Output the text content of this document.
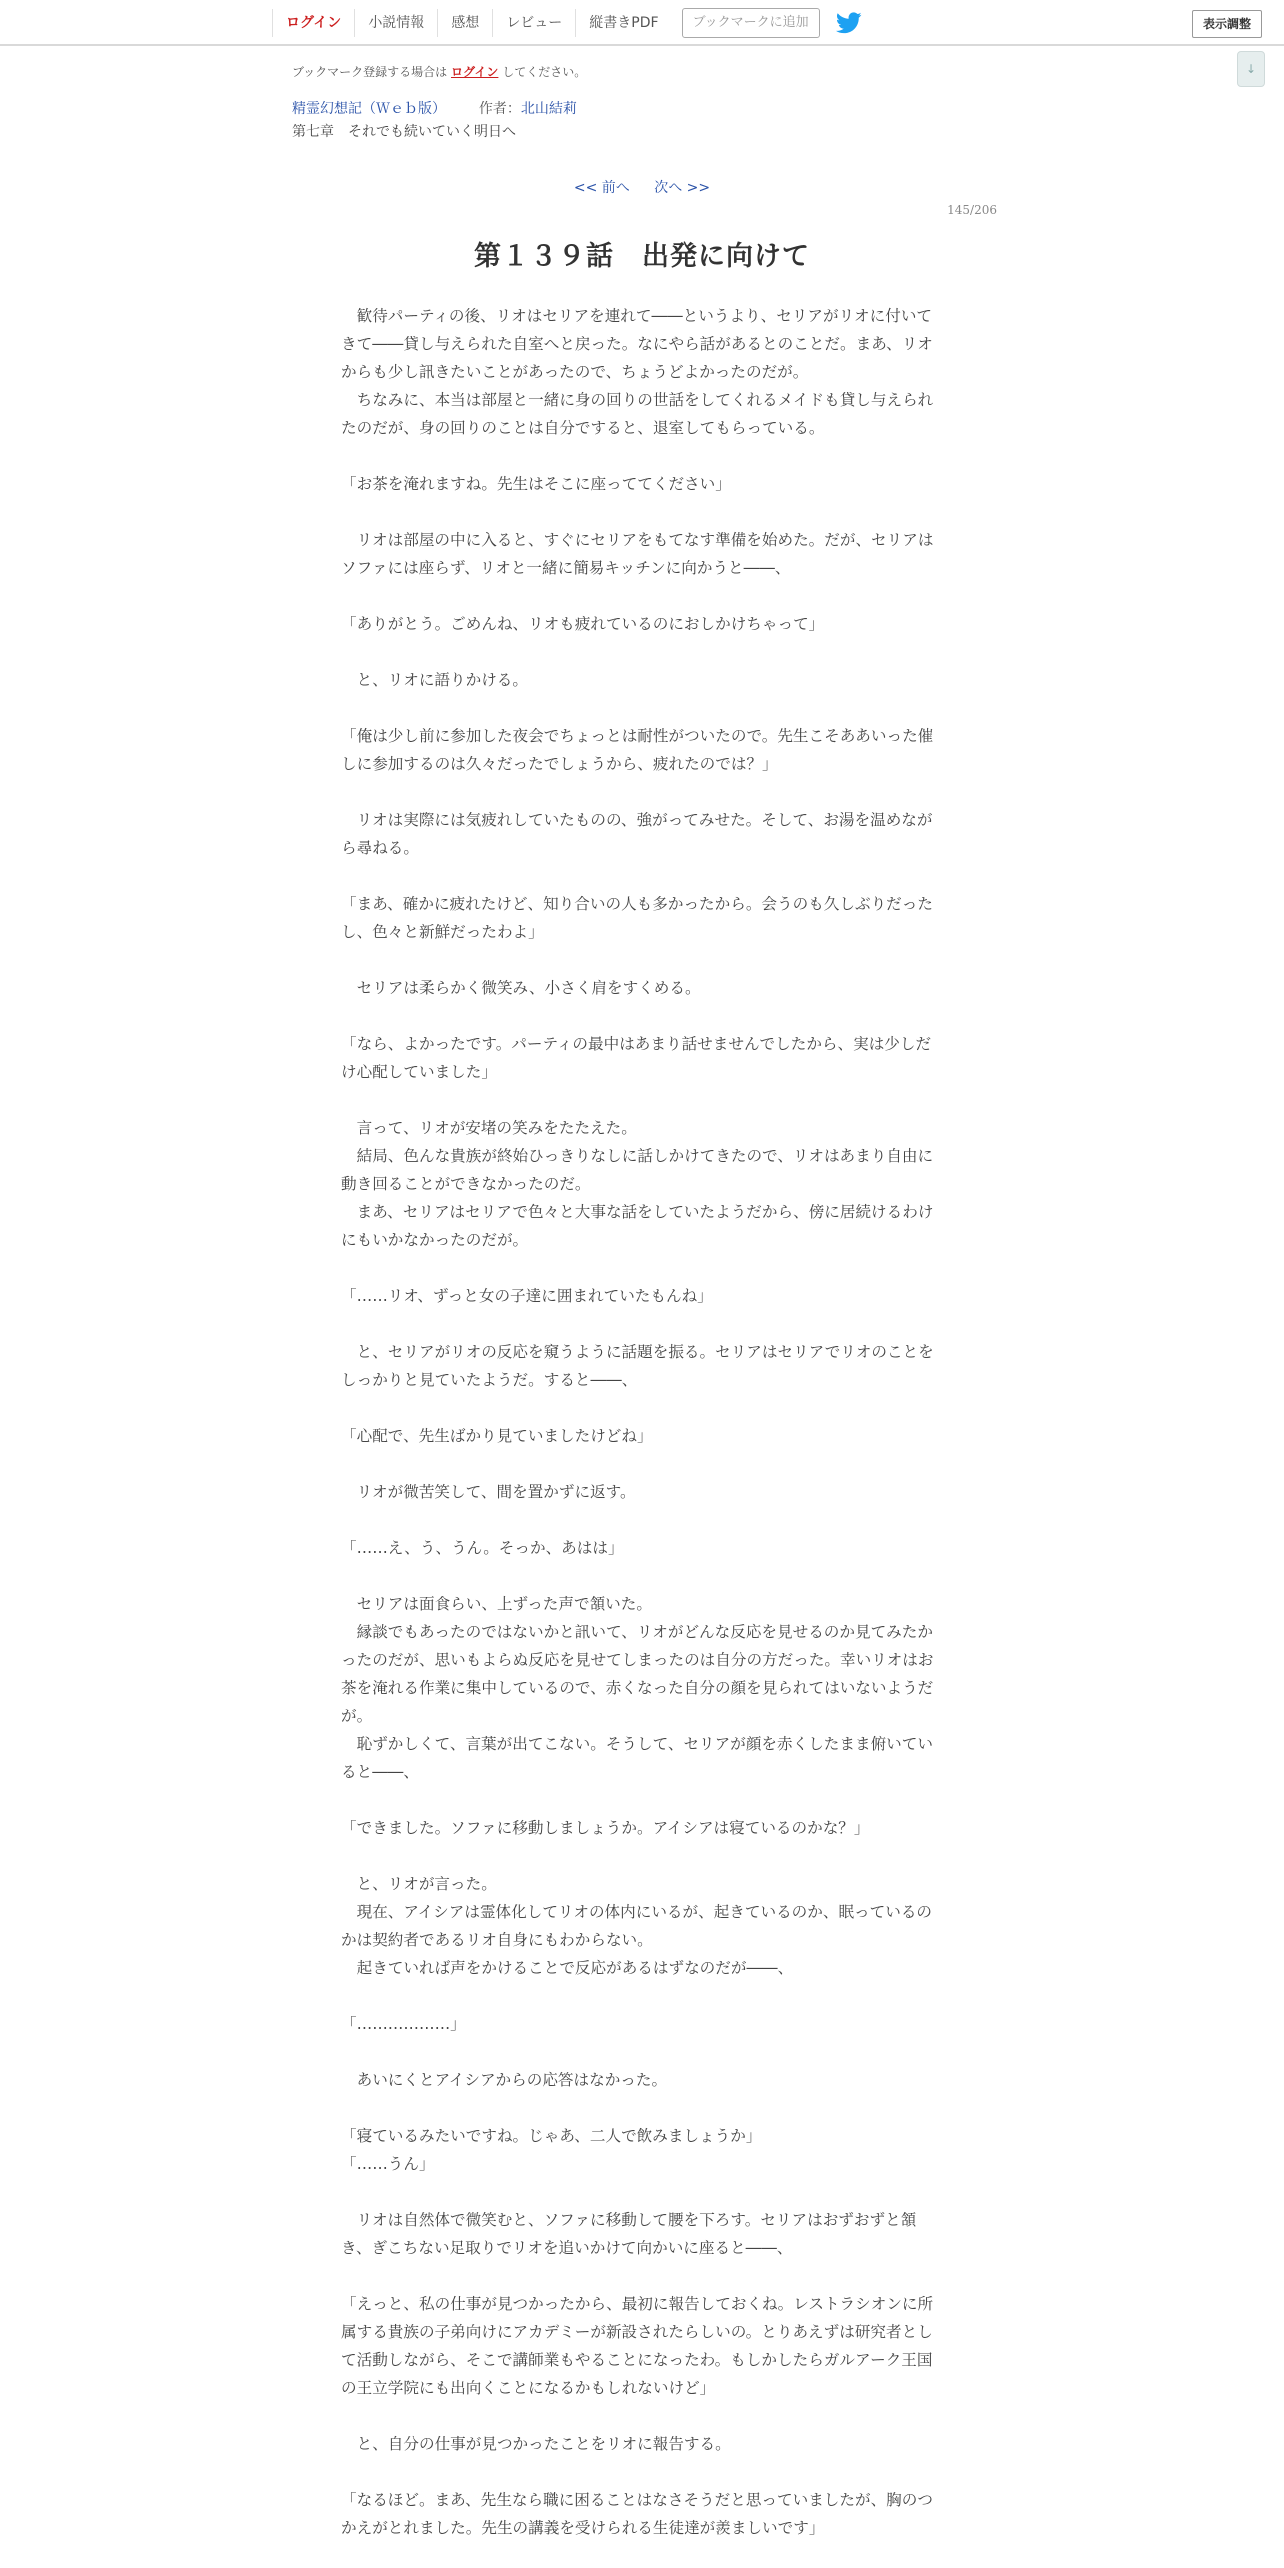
ログイン	小説情報	感想	レビュー	縦書きPDF	ブックマークに追加	表示調整
↓
ブックマーク登録する場合は ログイン してください。
精霊幻想記（Ｗｅｂ版） 作者：北山結莉
第七章　それでも続いていく明日へ
<< 前へ 次へ >>
145/206
第１３９話　出発に向けて

　歓待パーティの後、リオはセリアを連れて――というより、セリアがリオに付いてきて――貸し与えられた自室へと戻った。なにやら話があるとのことだ。まあ、リオからも少し訊きたいことがあったので、ちょうどよかったのだが。

　ちなみに、本当は部屋と一緒に身の回りの世話をしてくれるメイドも貸し与えられたのだが、身の回りのことは自分ですると、退室してもらっている。

「お茶を淹れますね。先生はそこに座っててください」

　リオは部屋の中に入ると、すぐにセリアをもてなす準備を始めた。だが、セリアはソファには座らず、リオと一緒に簡易キッチンに向かうと――、

「ありがとう。ごめんね、リオも疲れているのにおしかけちゃって」

　と、リオに語りかける。

「俺は少し前に参加した夜会でちょっとは耐性がついたので。先生こそああいった催しに参加するのは久々だったでしょうから、疲れたのでは？」

　リオは実際には気疲れしていたものの、強がってみせた。そして、お湯を温めながら尋ねる。

「まあ、確かに疲れたけど、知り合いの人も多かったから。会うのも久しぶりだったし、色々と新鮮だったわよ」

　セリアは柔らかく微笑み、小さく肩をすくめる。

「なら、よかったです。パーティの最中はあまり話せませんでしたから、実は少しだけ心配していました」

　言って、リオが安堵の笑みをたたえた。

　結局、色んな貴族が終始ひっきりなしに話しかけてきたので、リオはあまり自由に動き回ることができなかったのだ。

　まあ、セリアはセリアで色々と大事な話をしていたようだから、傍に居続けるわけにもいかなかったのだが。

「……リオ、ずっと女の子達に囲まれていたもんね」

　と、セリアがリオの反応を窺うように話題を振る。セリアはセリアでリオのことをしっかりと見ていたようだ。すると――、

「心配で、先生ばかり見ていましたけどね」

　リオが微苦笑して、間を置かずに返す。

「……え、う、うん。そっか、あはは」

　セリアは面食らい、上ずった声で頷いた。

　縁談でもあったのではないかと訊いて、リオがどんな反応を見せるのか見てみたかったのだが、思いもよらぬ反応を見せてしまったのは自分の方だった。幸いリオはお茶を淹れる作業に集中しているので、赤くなった自分の顔を見られてはいないようだが。

　恥ずかしくて、言葉が出てこない。そうして、セリアが顔を赤くしたまま俯いていると――、

「できました。ソファに移動しましょうか。アイシアは寝ているのかな？」

　と、リオが言った。

　現在、アイシアは霊体化してリオの体内にいるが、起きているのか、眠っているのかは契約者であるリオ自身にもわからない。

　起きていれば声をかけることで反応があるはずなのだが――、

「………………」

　あいにくとアイシアからの応答はなかった。

「寝ているみたいですね。じゃあ、二人で飲みましょうか」

「……うん」

　リオは自然体で微笑むと、ソファに移動して腰を下ろす。セリアはおずおずと頷き、ぎこちない足取りでリオを追いかけて向かいに座ると――、

「えっと、私の仕事が見つかったから、最初に報告しておくね。レストラシオンに所属する貴族の子弟向けにアカデミーが新設されたらしいの。とりあえずは研究者として活動しながら、そこで講師業もやることになったわ。もしかしたらガルアーク王国の王立学院にも出向くことになるかもしれないけど」

　と、自分の仕事が見つかったことをリオに報告する。

「なるほど。まあ、先生なら職に困ることはなさそうだと思っていましたが、胸のつかえがとれました。先生の講義を受けられる生徒達が羨ましいです」
